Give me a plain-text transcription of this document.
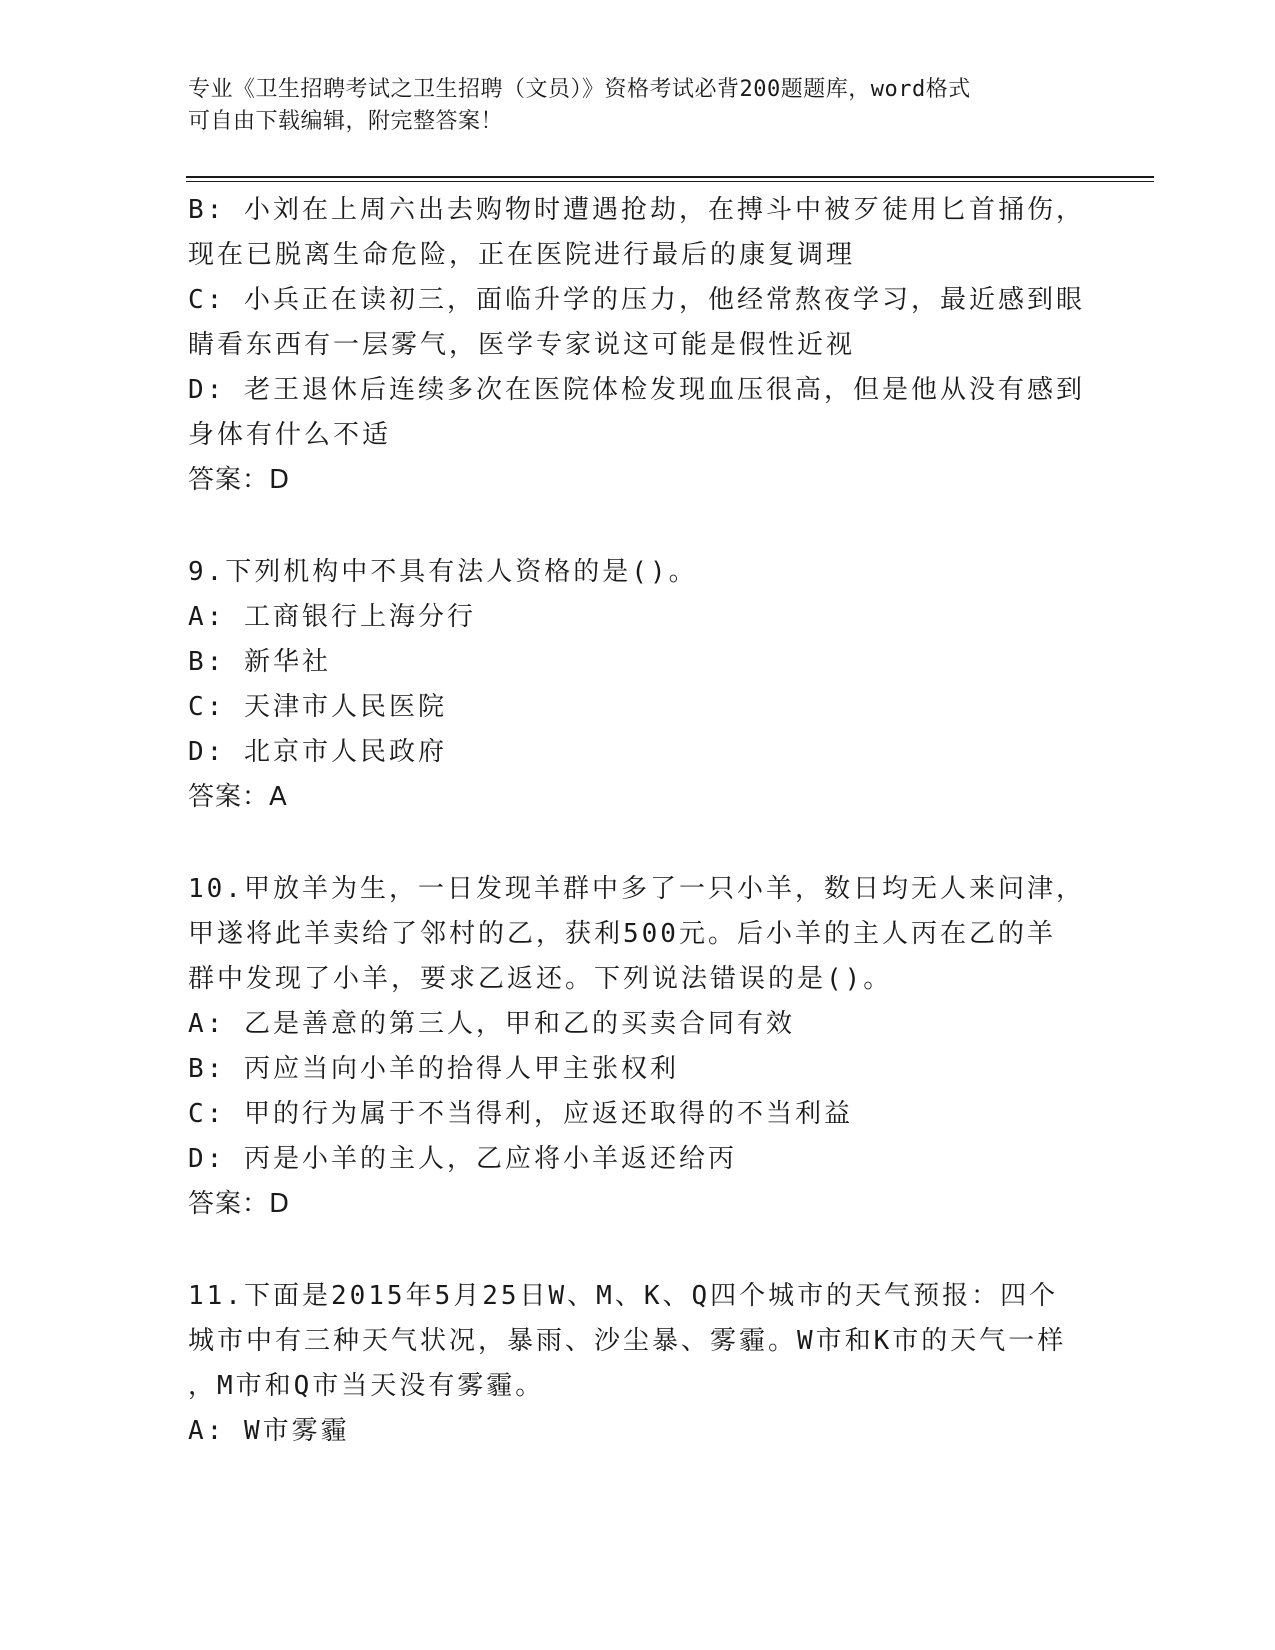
专业《卫生招聘考试之卫生招聘（文员）》资格考试必背200题题库，word格式
可自由下载编辑，附完整答案！
B: 小刘在上周六出去购物时遭遇抢劫，在搏斗中被歹徒用匕首捅伤，
现在已脱离生命危险，正在医院进行最后的康复调理
C: 小兵正在读初三，面临升学的压力，他经常熬夜学习，最近感到眼
睛看东西有一层雾气，医学专家说这可能是假性近视
D: 老王退休后连续多次在医院体检发现血压很高，但是他从没有感到
身体有什么不适
答案：D
9.下列机构中不具有法人资格的是()。
A: 工商银行上海分行
B: 新华社
C: 天津市人民医院
D: 北京市人民政府
答案：A
10.甲放羊为生，一日发现羊群中多了一只小羊，数日均无人来问津，
甲遂将此羊卖给了邻村的乙，获利500元。后小羊的主人丙在乙的羊
群中发现了小羊，要求乙返还。下列说法错误的是()。
A: 乙是善意的第三人，甲和乙的买卖合同有效
B: 丙应当向小羊的拾得人甲主张权利
C: 甲的行为属于不当得利，应返还取得的不当利益
D: 丙是小羊的主人，乙应将小羊返还给丙
答案：D
11.下面是2015年5月25日W、M、K、Q四个城市的天气预报：四个
城市中有三种天气状况，暴雨、沙尘暴、雾霾。W市和K市的天气一样
，M市和Q市当天没有雾霾。
A: W市雾霾
